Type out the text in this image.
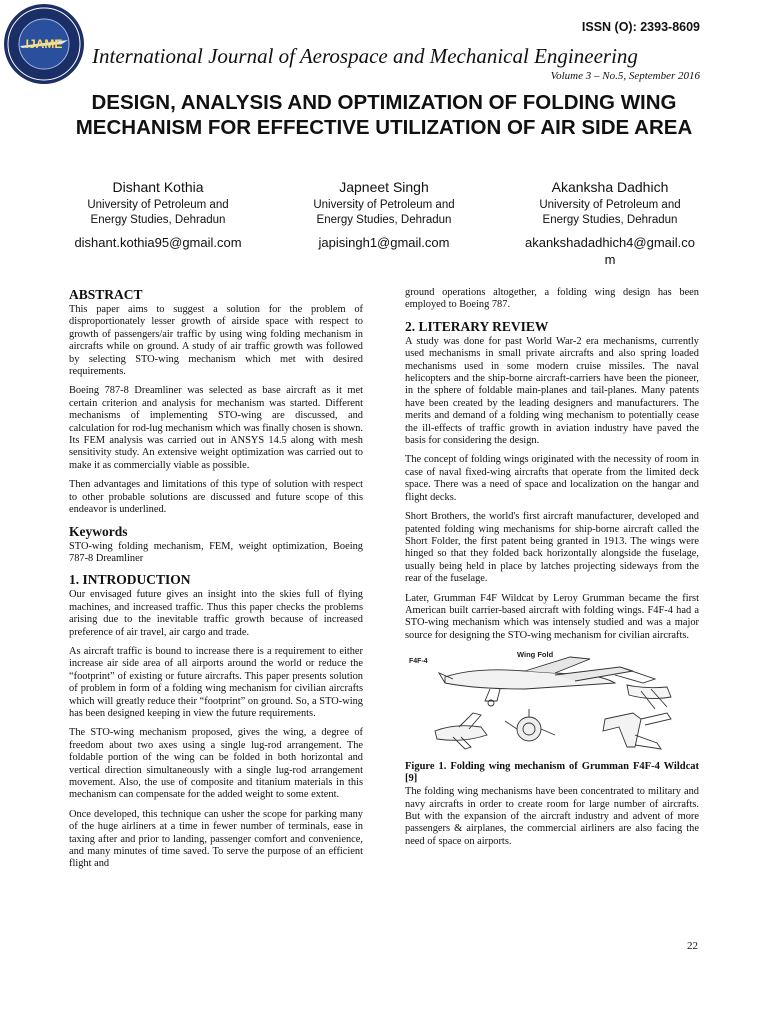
IJAME
ISSN (O): 2393-8609
International Journal of Aerospace and Mechanical Engineering
Volume 3 – No.5, September 2016
DESIGN, ANALYSIS AND OPTIMIZATION OF FOLDING WING MECHANISM FOR EFFECTIVE UTILIZATION OF AIR SIDE AREA
Dishant Kothia
University of Petroleum and Energy Studies, Dehradun
dishant.kothia95@gmail.com
Japneet Singh
University of Petroleum and Energy Studies, Dehradun
japisingh1@gmail.com
Akanksha Dadhich
University of Petroleum and Energy Studies, Dehradun
akankshadadhich4@gmail.com
ABSTRACT

This paper aims to suggest a solution for the problem of disproportionately lesser growth of airside space with respect to growth of passengers/air traffic by using wing folding mechanism in aircrafts while on ground. A study of air traffic growth was followed by selecting STO-wing mechanism which met with desired requirements.

Boeing 787-8 Dreamliner was selected as base aircraft as it met certain criterion and analysis for mechanism was started. Different mechanisms of implementing STO-wing are discussed, and calculation for rod-lug mechanism which was finally chosen is shown. Its FEM analysis was carried out in ANSYS 14.5 along with mesh sensitivity study. An extensive weight optimization was carried out to make it as commercially viable as possible.

Then advantages and limitations of this type of solution with respect to other probable solutions are discussed and future scope of this endeavor is underlined.

Keywords

STO-wing folding mechanism, FEM, weight optimization, Boeing 787-8 Dreamliner

1. INTRODUCTION

Our envisaged future gives an insight into the skies full of flying machines, and increased traffic. Thus this paper checks the problems arising due to the inevitable traffic growth because of increased preference of air travel, air cargo and trade.

As aircraft traffic is bound to increase there is a requirement to either increase air side area of all airports around the world or reduce the “footprint” of existing or future aircrafts. This paper presents solution of problem in form of a folding wing mechanism for civilian aircrafts which will greatly reduce their “footprint” on ground. So, a STO-wing has been designed keeping in view the future requirements.

The STO-wing mechanism proposed, gives the wing, a degree of freedom about two axes using a single lug-rod arrangement. The foldable portion of the wing can be folded in both horizontal and vertical direction simultaneously with a single lug-rod arrangement movement. Also, the use of composite and titanium materials in this mechanism can compensate for the added weight to some extent.

Once developed, this technique can usher the scope for parking many of the huge airliners at a time in fewer number of terminals, ease in taxing after and prior to landing, passenger comfort and convenience, and many minutes of time saved. To serve the purpose of an efficient flight and

ground operations altogether, a folding wing design has been employed to Boeing 787.

2. LITERARY REVIEW

A study was done for past World War-2 era mechanisms, currently used mechanisms in small private aircrafts and also spring loaded mechanisms used in some modern cruise missiles. The naval helicopters and the ship-borne aircraft-carriers have been the pioneer, in the sphere of foldable main-planes and tail-planes. Many patents have been created by the leading designers and manufacturers. The merits and demand of a folding wing mechanism to potentially cease the ill-effects of traffic growth in aviation industry have paved the basis for considering the design.

The concept of folding wings originated with the necessity of room in case of naval fixed-wing aircrafts that operate from the limited deck space. There was a need of space and localization on the hangar and flight decks.

Short Brothers, the world's first aircraft manufacturer, developed and patented folding wing mechanisms for ship-borne aircraft called the Short Folder, the first patent being granted in 1913. The wings were hinged so that they folded back horizontally alongside the fuselage, usually being held in place by latches projecting sideways from the rear of the fuselage.

Later, Grumman F4F Wildcat by Leroy Grumman became the first American built carrier-based aircraft with folding wings. F4F-4 had a STO-wing mechanism which was intensely studied and was a major source for designing the STO-wing mechanism for civilian aircrafts.

Wing Fold
F4F-4

Figure 1. Folding wing mechanism of Grumman F4F-4 Wildcat [9]

The folding wing mechanisms have been concentrated to military and navy aircrafts in order to create room for large number of aircrafts. But with the expansion of the aircraft industry and advent of more passengers & airplanes, the commercial airliners are also facing the need of space on airports.

22
